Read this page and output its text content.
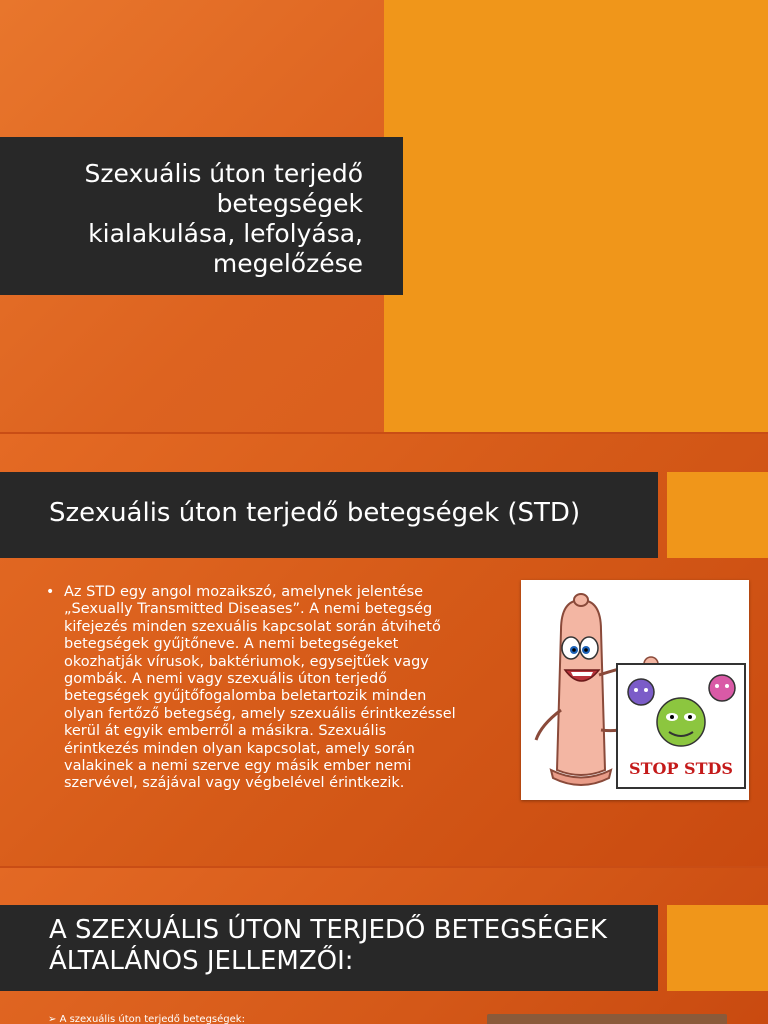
Szexuális úton terjedő
betegségek
kialakulása, lefolyása,
megelőzése
Szexuális úton terjedő betegségek (STD)
• Az STD egy angol mozaikszó, amelynek jelentése „Sexually Transmitted Diseases”. A nemi betegség kifejezés minden szexuális kapcsolat során átvihető betegségek gyűjtőneve. A nemi betegségeket okozhatják vírusok, baktériumok, egysejtűek vagy gombák. A nemi vagy szexuális úton terjedő betegségek gyűjtőfogalomba beletartozik minden olyan fertőző betegség, amely szexuális érintkezéssel kerül át egyik emberről a másikra. Szexuális érintkezés minden olyan kapcsolat, amely során valakinek a nemi szerve egy másik ember nemi szervével, szájával vagy végbelével érintkezik.
STOP STDS
A SZEXUÁLIS ÚTON TERJEDŐ BETEGSÉGEK ÁLTALÁNOS JELLEMZŐI:
➢ A szexuális úton terjedő betegségek:
